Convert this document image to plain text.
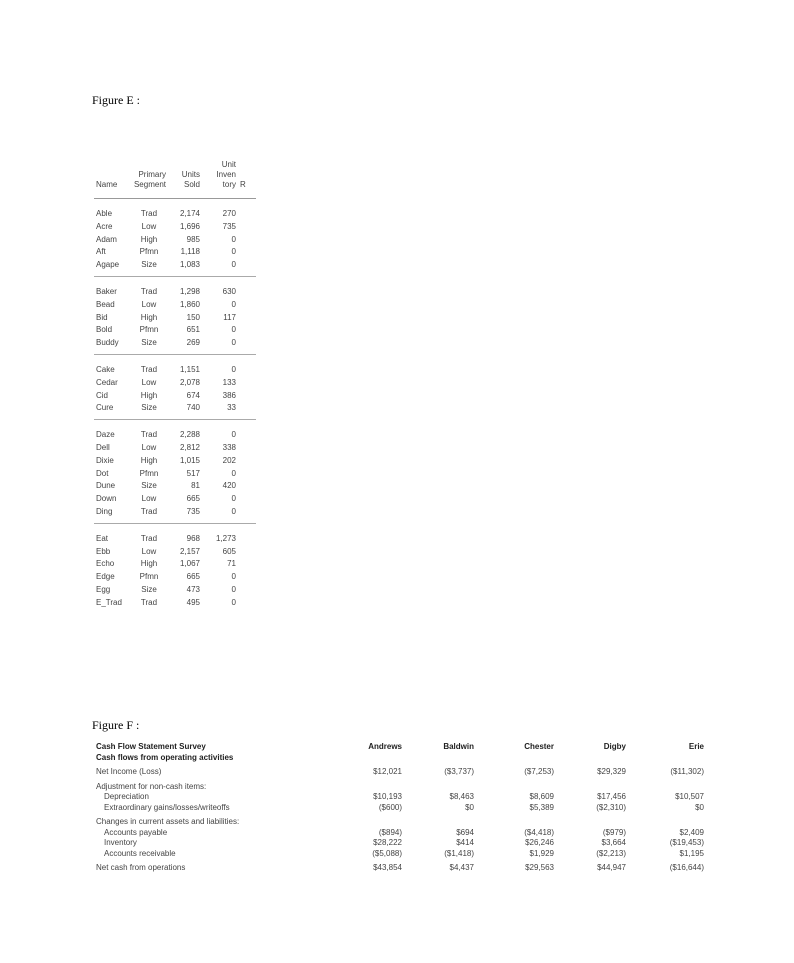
Figure E :
Unit
Primary	Units	Inven
Name	Segment	Sold	tory R
Able	Trad	2,174	270
Acre	Low	1,696	735
Adam	High	985	0
Aft	Pfmn	1,118	0
Agape	Size	1,083	0
Baker	Trad	1,298	630
Bead	Low	1,860	0
Bid	High	150	117
Bold	Pfmn	651	0
Buddy	Size	269	0
Cake	Trad	1,151	0
Cedar	Low	2,078	133
Cid	High	674	386
Cure	Size	740	33
Daze	Trad	2,288	0
Dell	Low	2,812	338
Dixie	High	1,015	202
Dot	Pfmn	517	0
Dune	Size	81	420
Down	Low	665	0
Ding	Trad	735	0
Eat	Trad	968	1,273
Ebb	Low	2,157	605
Echo	High	1,067	71
Edge	Pfmn	665	0
Egg	Size	473	0
E_Trad	Trad	495	0
Figure F :
Cash Flow Statement Survey	Andrews	Baldwin	Chester	Digby	Erie
Cash flows from operating activities
Net Income (Loss)	$12,021	($3,737)	($7,253)	$29,329	($11,302)
Adjustment for non-cash items:
Depreciation	$10,193	$8,463	$8,609	$17,456	$10,507
Extraordinary gains/losses/writeoffs	($600)	$0	$5,389	($2,310)	$0
Changes in current assets and liabilities:
Accounts payable	($894)	$694	($4,418)	($979)	$2,409
Inventory	$28,222	$414	$26,246	$3,664	($19,453)
Accounts receivable	($5,088)	($1,418)	$1,929	($2,213)	$1,195
Net cash from operations	$43,854	$4,437	$29,563	$44,947	($16,644)
